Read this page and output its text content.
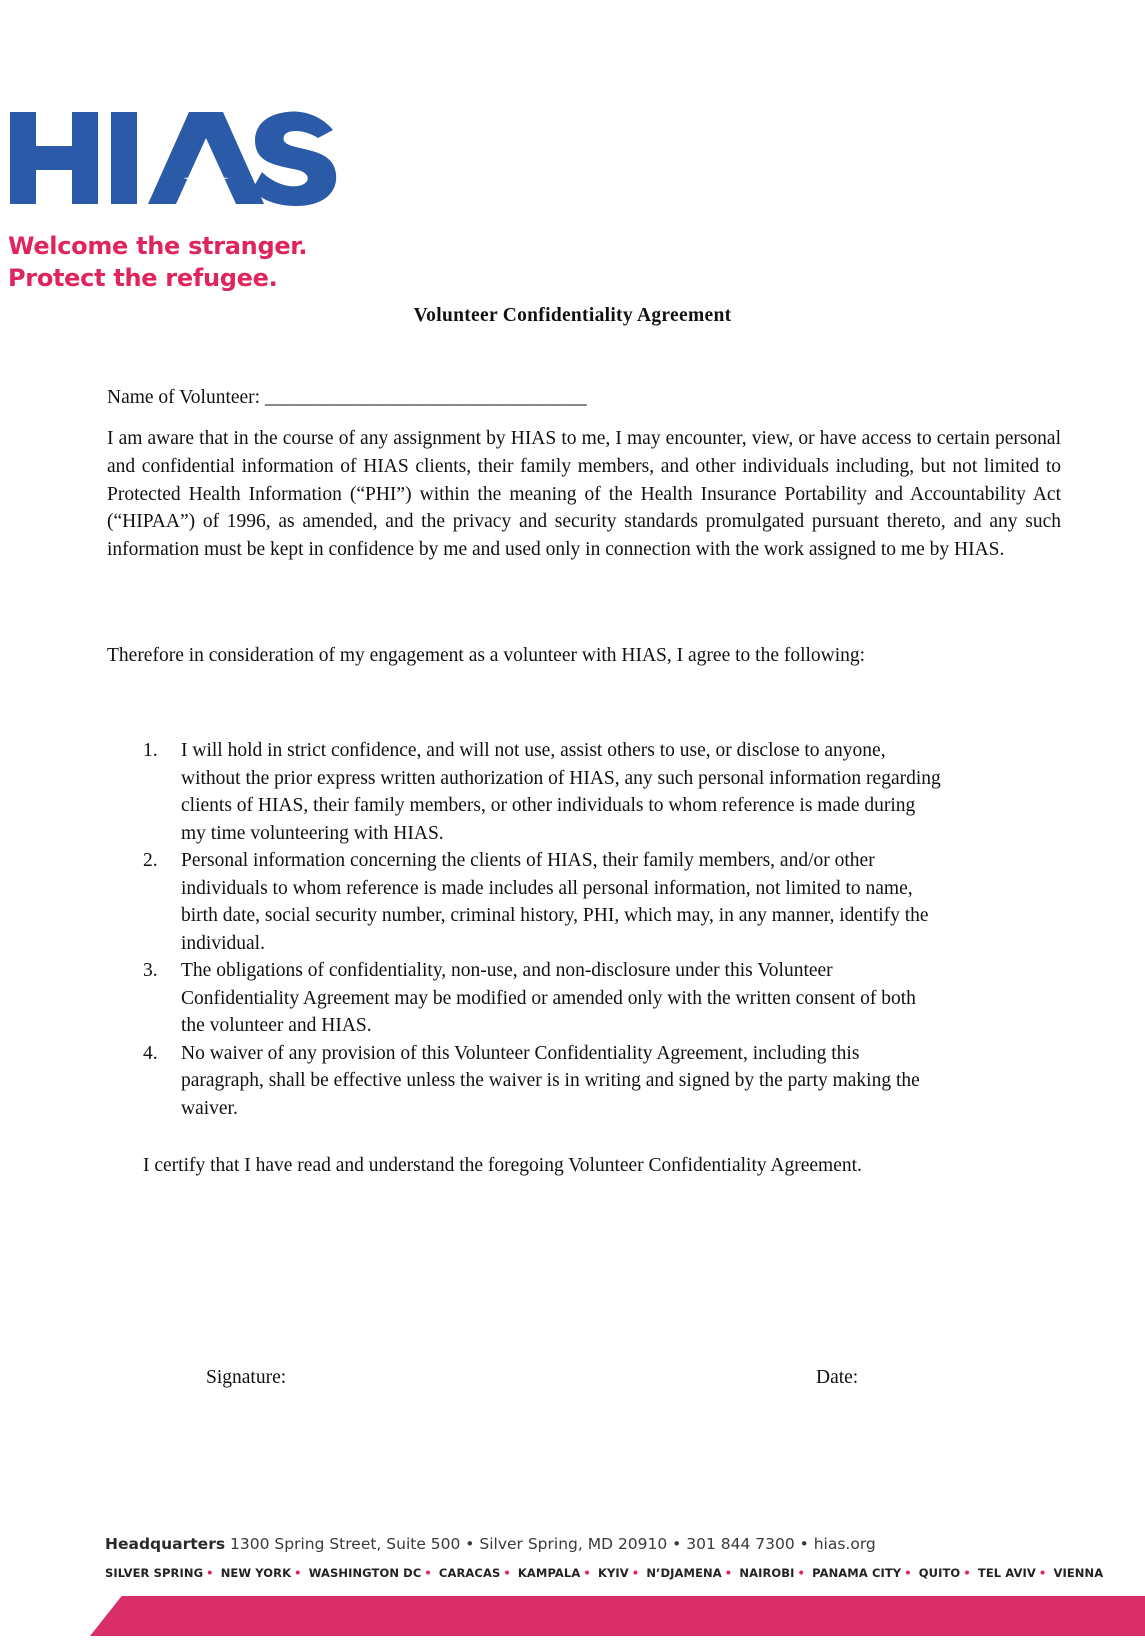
Welcome the stranger.
Protect the refugee.
Volunteer Confidentiality Agreement
Name of Volunteer: _________________________________
I am aware that in the course of any assignment by HIAS to me, I may encounter, view, or have access to certain personal and confidential information of HIAS clients, their family members, and other individuals including, but not limited to Protected Health Information (“PHI”) within the meaning of the Health Insurance Portability and Accountability Act (“HIPAA”) of 1996, as amended, and the privacy and security standards promulgated pursuant thereto, and any such information must be kept in confidence by me and used only in connection with the work assigned to me by HIAS.

Therefore in consideration of my engagement as a volunteer with HIAS, I agree to the following:

1. I will hold in strict confidence, and will not use, assist others to use, or disclose to anyone,
without the prior express written authorization of HIAS, any such personal information regarding
clients of HIAS, their family members, or other individuals to whom reference is made during
my time volunteering with HIAS.
2. Personal information concerning the clients of HIAS, their family members, and/or other
individuals to whom reference is made includes all personal information, not limited to name,
birth date, social security number, criminal history, PHI, which may, in any manner, identify the
individual.
3. The obligations of confidentiality, non-use, and non-disclosure under this Volunteer
Confidentiality Agreement may be modified or amended only with the written consent of both
the volunteer and HIAS.
4. No waiver of any provision of this Volunteer Confidentiality Agreement, including this
paragraph, shall be effective unless the waiver is in writing and signed by the party making the
waiver.

I certify that I have read and understand the foregoing Volunteer Confidentiality Agreement.

Signature:	Date:
Headquarters 1300 Spring Street, Suite 500 • Silver Spring, MD 20910 • 301 844 7300 • hias.org
SILVER SPRING • NEW YORK • WASHINGTON DC • CARACAS • KAMPALA • KYIV • N’DJAMENA • NAIROBI • PANAMA CITY • QUITO • TEL AVIV • VIENNA
